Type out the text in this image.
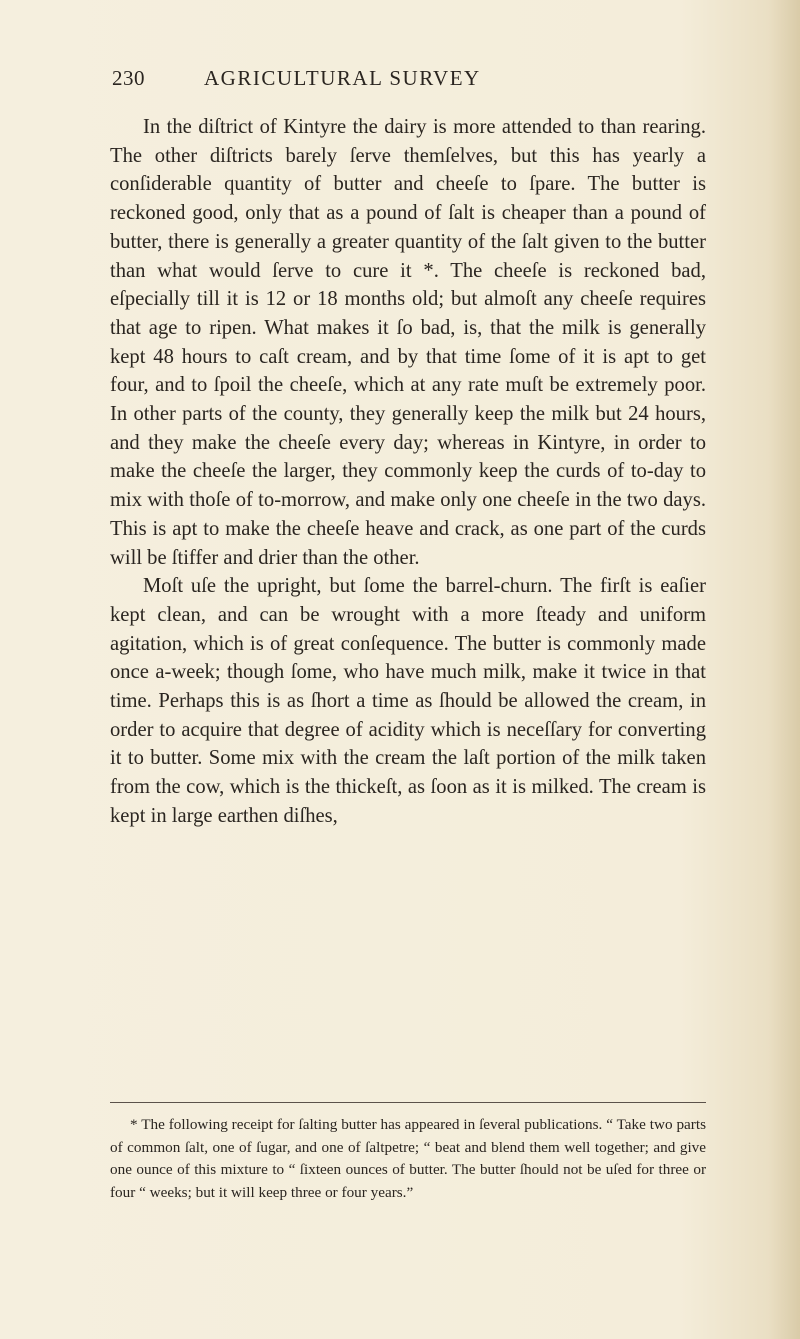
230	AGRICULTURAL SURVEY

In the diſtrict of Kintyre the dairy is more attended to than rearing. The other diſtricts barely ſerve themſelves, but this has yearly a conſiderable quantity of butter and cheeſe to ſpare. The butter is reckoned good, only that as a pound of ſalt is cheaper than a pound of butter, there is generally a greater quantity of the ſalt given to the butter than what would ſerve to cure it *. The cheeſe is reckoned bad, eſpecially till it is 12 or 18 months old; but almoſt any cheeſe requires that age to ripen. What makes it ſo bad, is, that the milk is generally kept 48 hours to caſt cream, and by that time ſome of it is apt to get four, and to ſpoil the cheeſe, which at any rate muſt be extremely poor. In other parts of the county, they generally keep the milk but 24 hours, and they make the cheeſe every day; whereas in Kintyre, in order to make the cheeſe the larger, they commonly keep the curds of to-day to mix with thoſe of to-morrow, and make only one cheeſe in the two days. This is apt to make the cheeſe heave and crack, as one part of the curds will be ſtiffer and drier than the other.

Moſt uſe the upright, but ſome the barrel-churn. The firſt is eaſier kept clean, and can be wrought with a more ſteady and uniform agitation, which is of great conſequence. The butter is commonly made once a-week; though ſome, who have much milk, make it twice in that time. Perhaps this is as ſhort a time as ſhould be allowed the cream, in order to acquire that degree of acidity which is neceſſary for converting it to butter. Some mix with the cream the laſt portion of the milk taken from the cow, which is the thickeſt, as ſoon as it is milked. The cream is kept in large earthen diſhes,

* The following receipt for ſalting butter has appeared in ſeveral publications. “ Take two parts of common ſalt, one of ſugar, and one of ſaltpetre; “ beat and blend them well together; and give one ounce of this mixture to “ ſixteen ounces of butter. The butter ſhould not be uſed for three or four “ weeks; but it will keep three or four years.”
